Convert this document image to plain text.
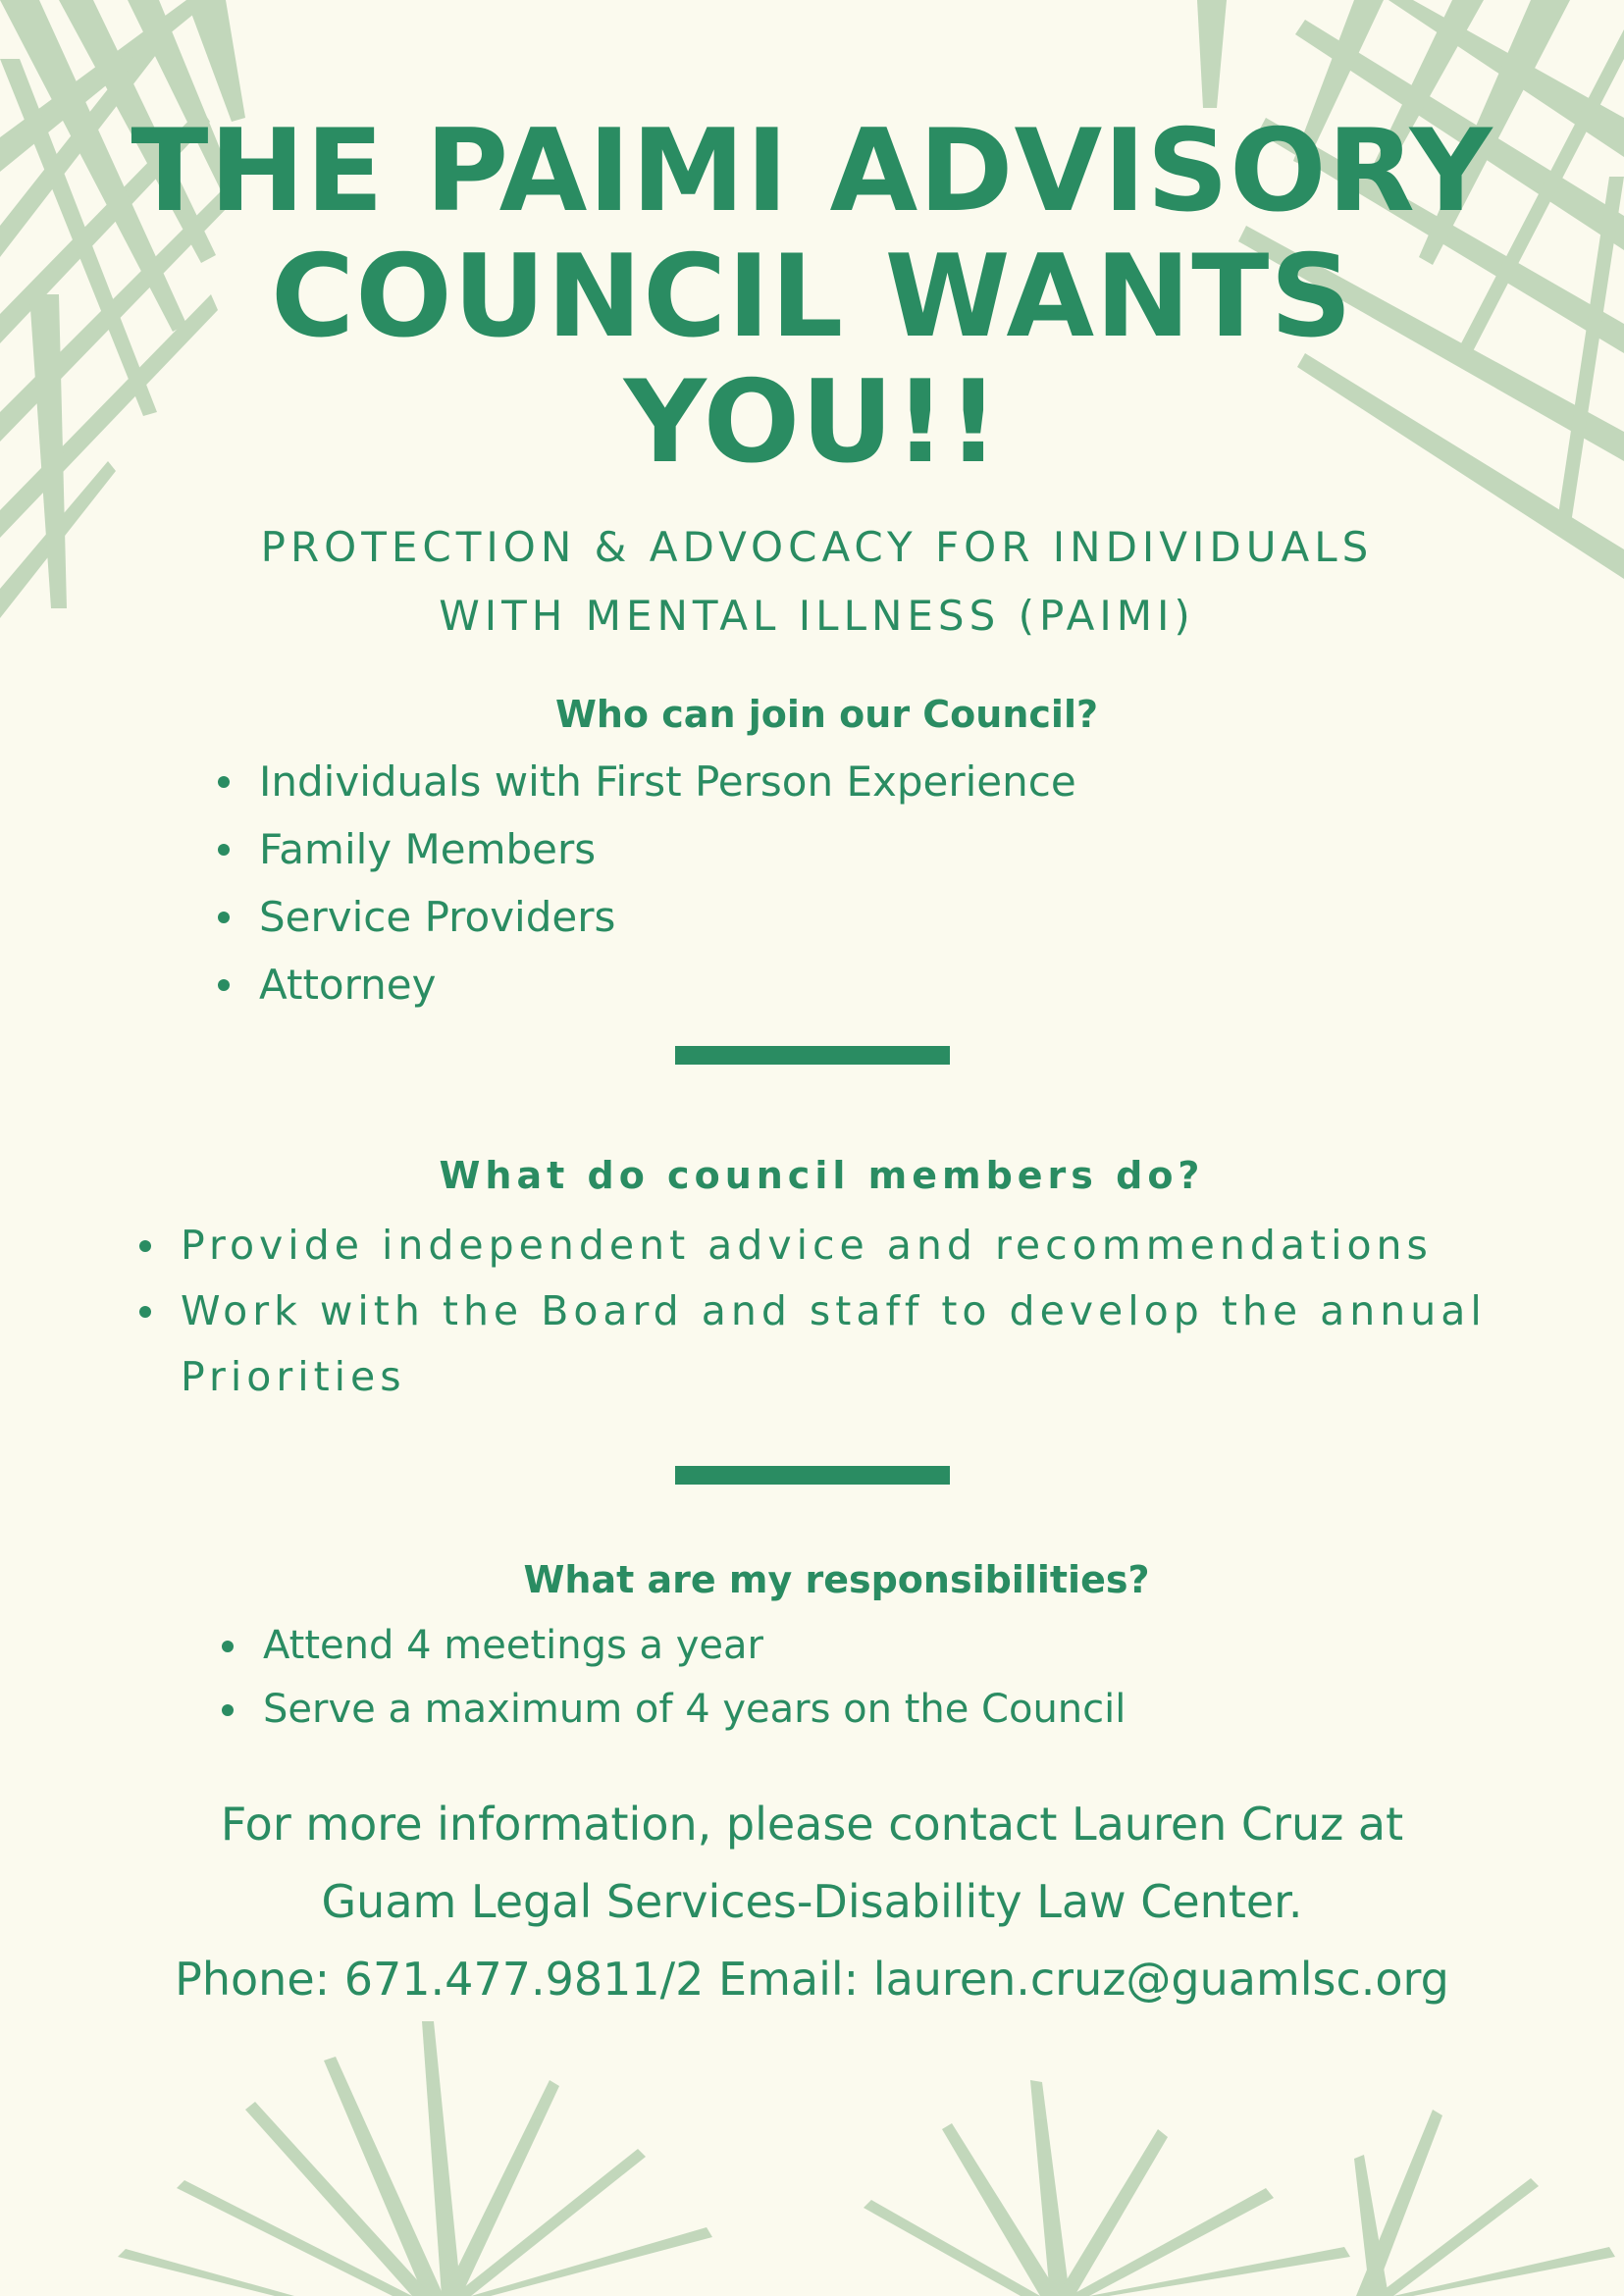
THE PAIMI ADVISORY
COUNCIL WANTS
YOU!!
PROTECTION & ADVOCACY FOR INDIVIDUALS
WITH MENTAL ILLNESS (PAIMI)
Who can join our Council?
Individuals with First Person Experience
Family Members
Service Providers
Attorney
What do council members do?
Provide independent advice and recommendations
Work with the Board and staff to develop the annual Priorities
What are my responsibilities?
Attend 4 meetings a year
Serve a maximum of 4 years on the Council
For more information, please contact Lauren Cruz at
Guam Legal Services-Disability Law Center.
Phone: 671.477.9811/2 Email: lauren.cruz@guamlsc.org
